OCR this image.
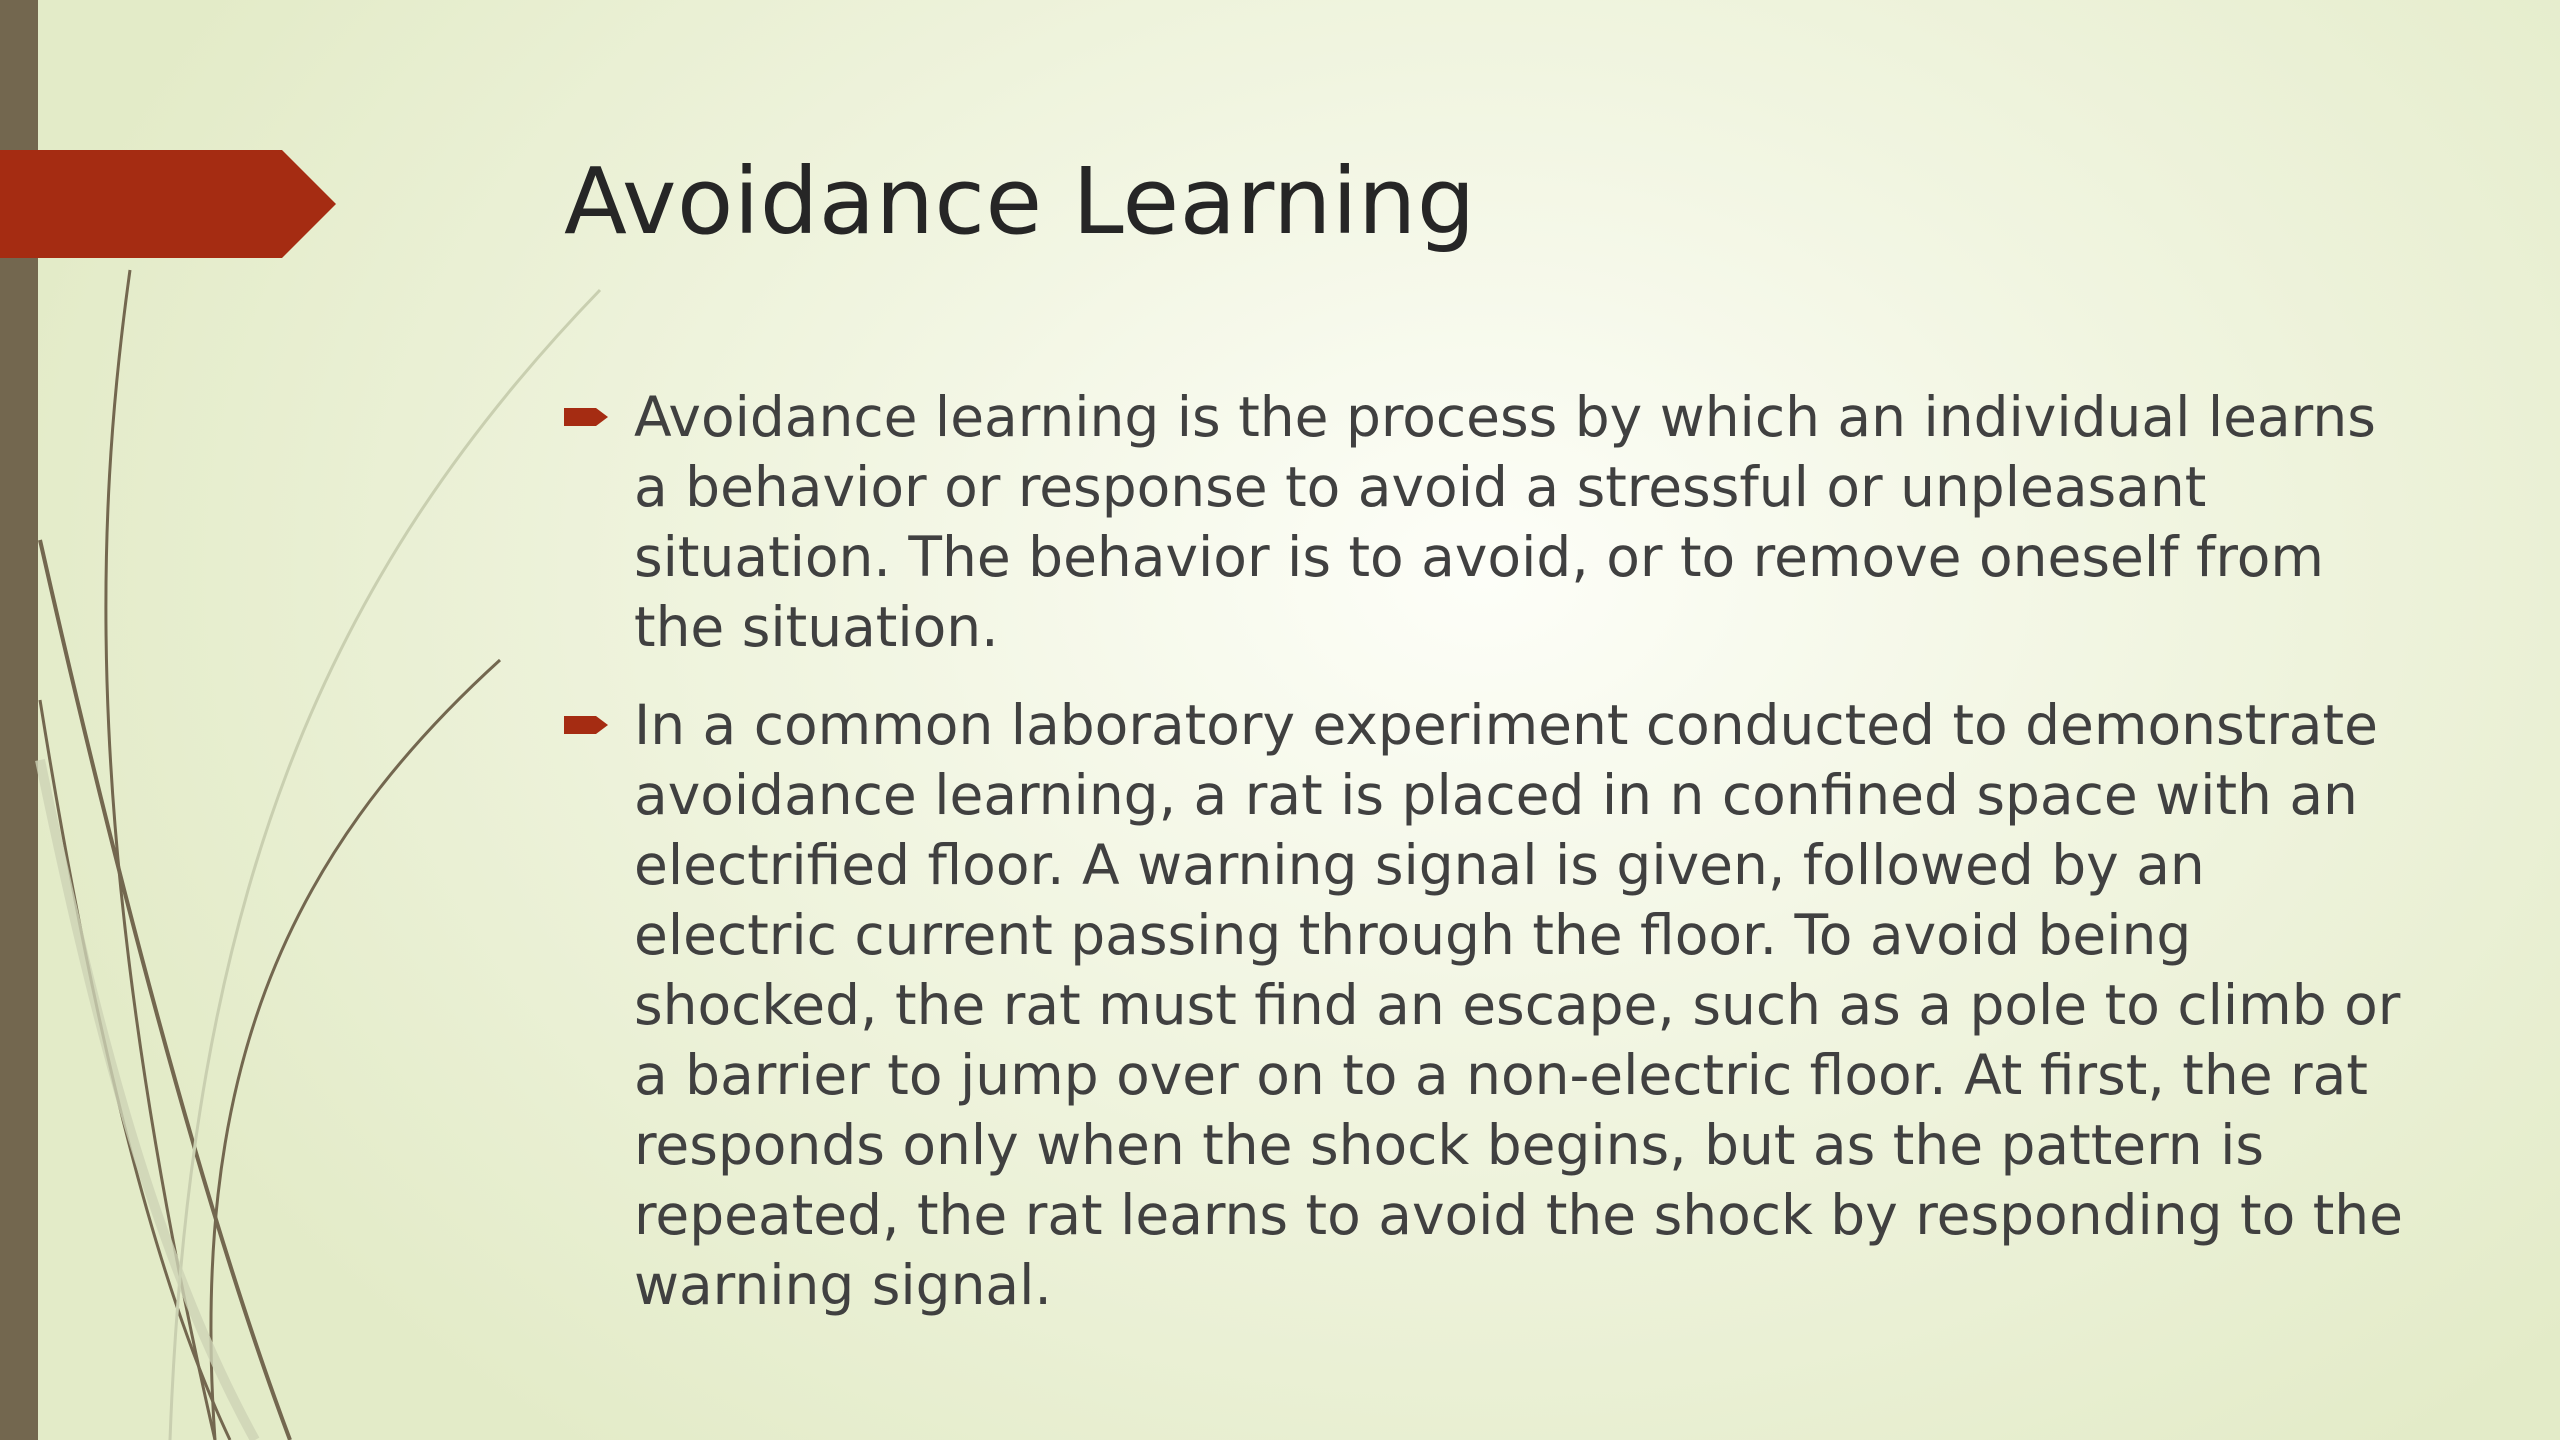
Avoidance Learning
Avoidance learning is the process by which an individual learns a behavior or response to avoid a stressful or unpleasant situation. The behavior is to avoid, or to remove oneself from the situation.
In a common laboratory experiment conducted to demonstrate avoidance learning, a rat is placed in n confined space with an electrified floor. A warning signal is given, followed by an electric current passing through the floor. To avoid being shocked, the rat must find an escape, such as a pole to climb or a barrier to jump over on to a non-electric floor. At first, the rat responds only when the shock begins, but as the pattern is repeated, the rat learns to avoid the shock by responding to the warning signal.
